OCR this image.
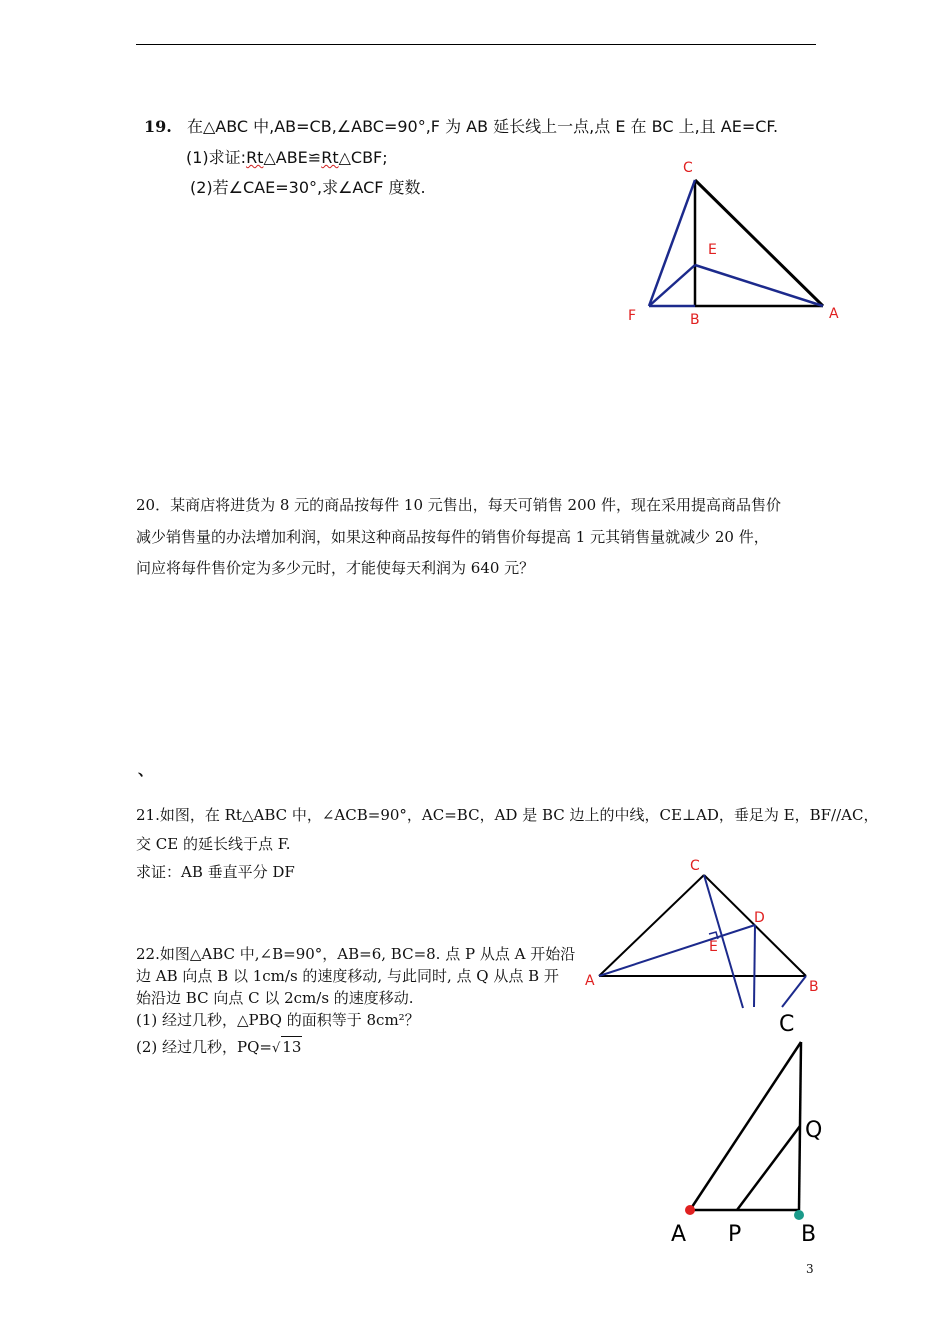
19. 在△ABC 中,AB=CB,∠ABC=90°,F 为 AB 延长线上一点,点 E 在 BC 上,且 AE=CF.
(1)求证:Rt△ABE≌Rt△CBF;
(2)若∠CAE=30°,求∠ACF 度数.
C
E
F	B	A
20．某商店将进货为 8 元的商品按每件 10 元售出，每天可销售 200 件，现在采用提高商品售价
减少销售量的办法增加利润，如果这种商品按每件的销售价每提高 1 元其销售量就减少 20 件，
问应将每件售价定为多少元时，才能使每天利润为 640 元？
、
21.如图，在 Rt△ABC 中，∠ACB=90°，AC=BC，AD 是 BC 边上的中线，CE⊥AD，垂足为 E，BF//AC，
交 CE 的延长线于点 F.
求证：AB 垂直平分 DF	C
D
E
A	B
22.如图△ABC 中,∠B=90°，AB=6, BC=8. 点 P 从点 A 开始沿
边 AB 向点 B 以 1cm/s 的速度移动, 与此同时, 点 Q 从点 B 开
始沿边 BC 向点 C 以 2cm/s 的速度移动.
(1) 经过几秒，△PBQ 的面积等于 8cm²？
(2) 经过几秒，PQ=√ 13
C
Q
A P	B
3
